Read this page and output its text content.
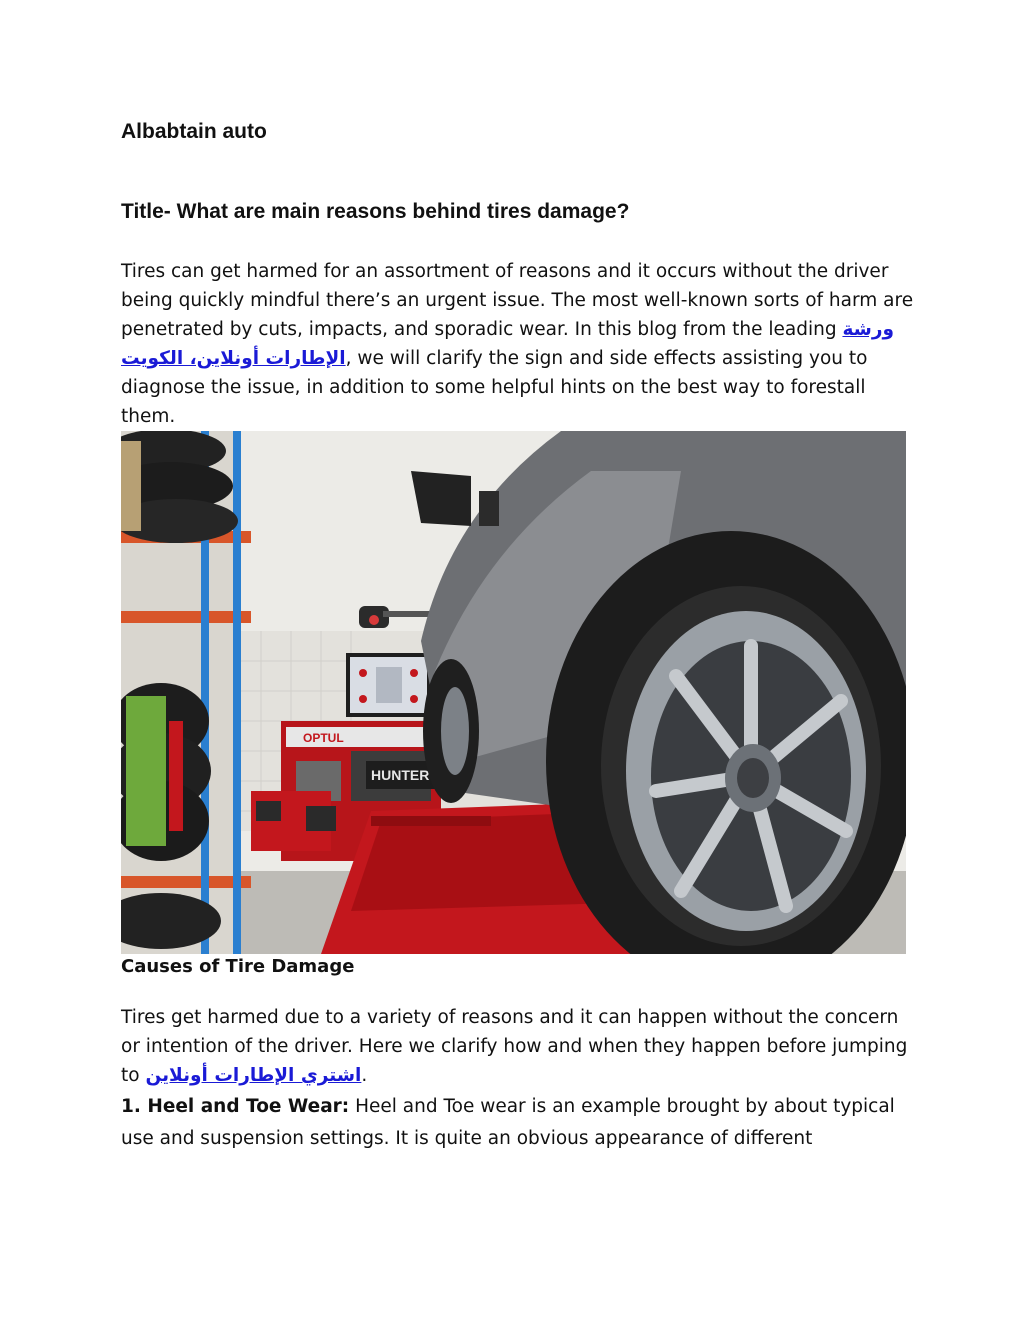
Albabtain auto
Title- What are main reasons behind tires damage?
Tires can get harmed for an assortment of reasons and it occurs without the driver being quickly mindful there’s an urgent issue. The most well-known sorts of harm are penetrated by cuts, impacts, and sporadic wear. In this blog from the leading ورشة الإطارات أونلاين، الكويت, we will clarify the sign and side effects assisting you to diagnose the issue, in addition to some helpful hints on the best way to forestall them.
OPTUL
HUNTER
Causes of Tire Damage
Tires get harmed due to a variety of reasons and it can happen without the concern or intention of the driver. Here we clarify how and when they happen before jumping to اشتري الإطارات أونلاين.
1. Heel and Toe Wear: Heel and Toe wear is an example brought by about typical use and suspension settings. It is quite an obvious appearance of different
